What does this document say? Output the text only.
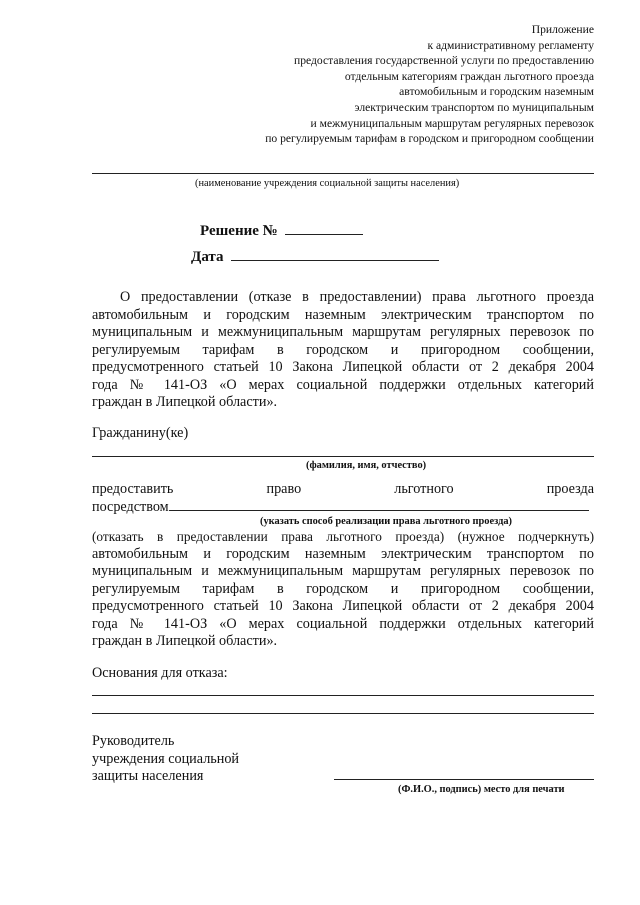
Приложение
к административному регламенту
предоставления государственной услуги по предоставлению
отдельным категориям граждан льготного проезда
автомобильным и городским наземным
электрическим транспортом по муниципальным
и межмуниципальным маршрутам регулярных перевозок
по регулируемым тарифам в городском и пригородном сообщении
(наименование учреждения социальной защиты населения)
Решение №
Дата
О предоставлении (отказе в предоставлении) права льготного проезда
автомобильным и городским наземным электрическим транспортом по
муниципальным и межмуниципальным маршрутам регулярных перевозок по
регулируемым тарифам в городском и пригородном сообщении,
предусмотренного статьей 10 Закона Липецкой области от 2 декабря 2004
года № 141-ОЗ «О мерах социальной поддержки отдельных категорий
граждан в Липецкой области».
Гражданину(ке)
(фамилия, имя, отчество)
предоставить право льготного проезда
посредством
(указать способ реализации права льготного проезда)
(отказать в предоставлении права льготного проезда) (нужное подчеркнуть)
автомобильным и городским наземным электрическим транспортом по
муниципальным и межмуниципальным маршрутам регулярных перевозок по
регулируемым тарифам в городском и пригородном сообщении,
предусмотренного статьей 10 Закона Липецкой области от 2 декабря 2004
года № 141-ОЗ «О мерах социальной поддержки отдельных категорий
граждан в Липецкой области».
Основания для отказа:
Руководитель
учреждения социальной
защиты населения
(Ф.И.О., подпись) место для печати
